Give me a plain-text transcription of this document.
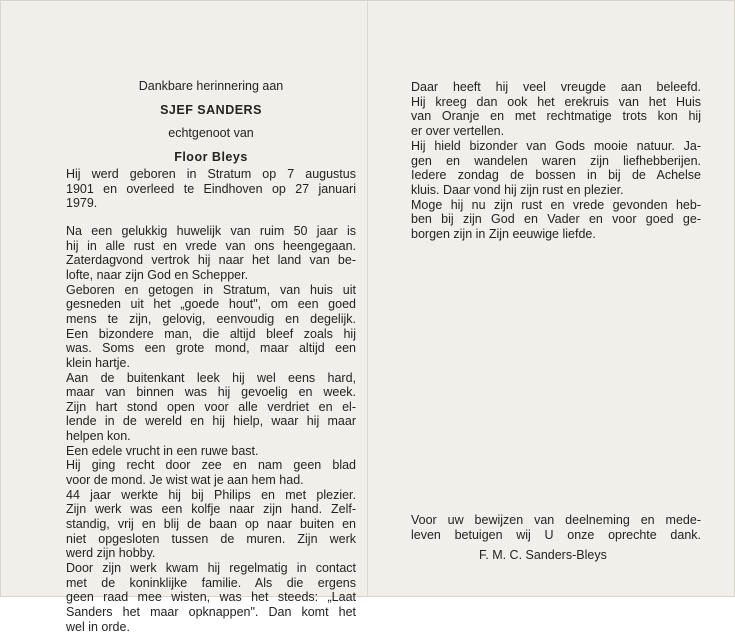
Dankbare herinnering aan
SJEF SANDERS
echtgenoot van
Floor Bleys
Hij werd geboren in Stratum op 7 augustus
1901 en overleed te Eindhoven op 27 januari
1979.
Na een gelukkig huwelijk van ruim 50 jaar is
hij in alle rust en vrede van ons heengegaan.
Zaterdagvond vertrok hij naar het land van be-
lofte, naar zijn God en Schepper.
Geboren en getogen in Stratum, van huis uit
gesneden uit het „goede hout", om een goed
mens te zijn, gelovig, eenvoudig en degelijk.
Een bizondere man, die altijd bleef zoals hij
was. Soms een grote mond, maar altijd een
klein hartje.
Aan de buitenkant leek hij wel eens hard,
maar van binnen was hij gevoelig en week.
Zijn hart stond open voor alle verdriet en el-
lende in de wereld en hij hielp, waar hij maar
helpen kon.
Een edele vrucht in een ruwe bast.
Hij ging recht door zee en nam geen blad
voor de mond. Je wist wat je aan hem had.
44 jaar werkte hij bij Philips en met plezier.
Zijn werk was een kolfje naar zijn hand. Zelf-
standig, vrij en blij de baan op naar buiten en
niet opgesloten tussen de muren. Zijn werk
werd zijn hobby.
Door zijn werk kwam hij regelmatig in contact
met de koninklijke familie. Als die ergens
geen raad mee wisten, was het steeds: „Laat
Sanders het maar opknappen". Dan komt het
wel in orde.
Daar heeft hij veel vreugde aan beleefd.
Hij kreeg dan ook het erekruis van het Huis
van Oranje en met rechtmatige trots kon hij
er over vertellen.
Hij hield bizonder van Gods mooie natuur. Ja-
gen en wandelen waren zijn liefhebberijen.
Iedere zondag de bossen in bij de Achelse
kluis. Daar vond hij zijn rust en plezier.
Moge hij nu zijn rust en vrede gevonden heb-
ben bij zijn God en Vader en voor goed ge-
borgen zijn in Zijn eeuwige liefde.
Voor uw bewijzen van deelneming en mede-
leven betuigen wij U onze oprechte dank.
F. M. C. Sanders-Bleys
